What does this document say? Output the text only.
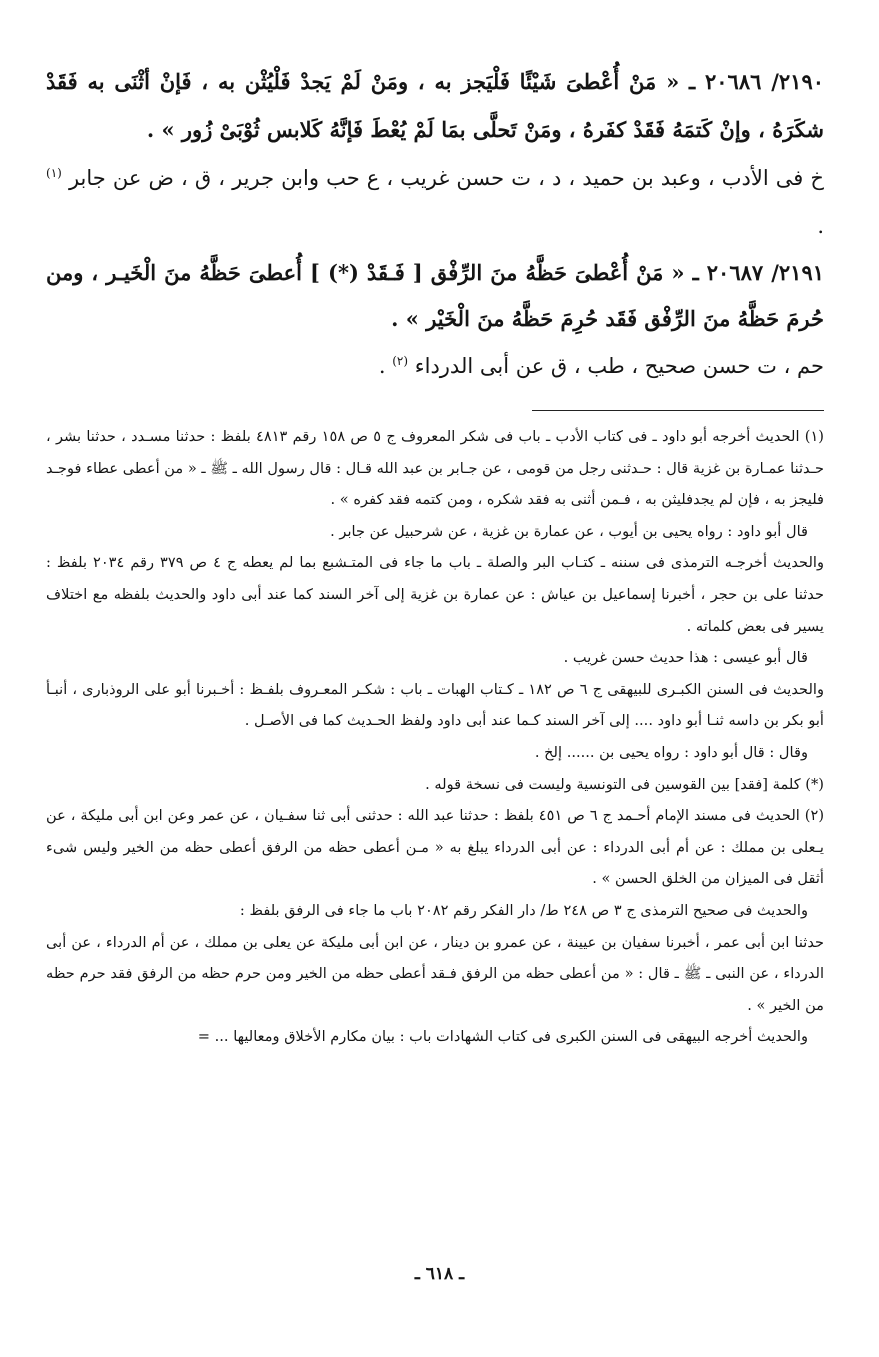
٢١٩٠/ ٢٠٦٨٦ ـ « مَنْ أُعْطىَ شَيْئًا فَلْيَجز به ، ومَنْ لَمْ يَجدْ فَلْيُثْن به ، فَإنْ أثْنَى به فَقَدْ شكَرَهُ ، وإنْ كَتمَهُ فَقَدْ كفَرهُ ، ومَنْ تَحلَّى بمَا لَمْ يُعْطَ فَإنَّهُ كَلابس ثُوْبَىْ زُور » .

خ فى الأدب ، وعبد بن حميد ، د ، ت حسن غريب ، ع حب وابن جرير ، ق ، ض عن جابر $^{(١)}$ .

٢١٩١/ ٢٠٦٨٧ ـ « مَنْ أُعْطىَ حَظَّهُ منَ الرِّفْق [ فَـقَدْ (*) ] أُعطىَ حَظَّهُ منَ الْخَيـر ، ومن حُرمَ حَظَّهُ منَ الرِّفْق فَقَد حُرِمَ حَظَّهُ منَ الْخَيْر » .

حم ، ت حسن صحيح ، طب ، ق عن أبى الدرداء $^{(٢)}$ .

(١) الحديث أخرجه أبو داود ـ فى كتاب الأدب ـ باب فى شكر المعروف ج ٥ ص ١٥٨ رقم ٤٨١٣ بلفظ : حدثنا مسـدد ، حدثنا بشر ، حـدثنا عمـارة بن غزية قال : حـدثنى رجل من قومى ، عن جـابر بن عبد الله قـال : قال رسول الله ـ ﷺ ـ « من أعطى عطاء فوجـد فليجز به ، فإن لم يجدفليثن به ، فـمن أثنى به فقد شكره ، ومن كتمه فقد كفره » .

قال أبو داود : رواه يحيى بن أيوب ، عن عمارة بن غزية ، عن شرحبيل عن جابر .

والحديث أخرجـه الترمذى فى سننه ـ كتـاب البر والصلة ـ باب ما جاء فى المتـشبع بما لم يعطه ج ٤ ص ٣٧٩ رقم ٢٠٣٤ بلفظ : حدثنا على بن حجر ، أخبرنا إسماعيل بن عياش : عن عمارة بن غزية إلى آخر السند كما عند أبى داود والحديث بلفظه مع اختلاف يسير فى بعض كلماته .

قال أبو عيسى : هذا حديث حسن غريب .

والحديث فى السنن الكبـرى للبيهقى ج ٦ ص ١٨٢ ـ كـتاب الهبات ـ باب : شكـر المعـروف بلفـظ : أخـبرنا أبو على الروذبارى ، أنبـأ أبو بكر بن داسه ثنـا أبو داود .... إلى آخر السند كـما عند أبى داود ولفظ الحـديث كما فى الأصـل .

وقال : قال أبو داود : رواه يحيى بن ...... إلخ .

(*) كلمة [فقد] بين القوسين فى التونسية وليست فى نسخة قوله .

(٢) الحديث فى مسند الإمام أحـمد ج ٦ ص ٤٥١ بلفظ : حدثنا عبد الله : حدثنى أبى ثنا سفـيان ، عن عمر وعن ابن أبى مليكة ، عن يـعلى بن مملك : عن أم أبى الدرداء : عن أبى الدرداء يبلغ به « مـن أعطى حظه من الرفق أعطى حظه من الخير وليس شىء أثقل فى الميزان من الخلق الحسن » .

والحديث فى صحيح الترمذى ج ٣ ص ٢٤٨ ط/ دار الفكر رقم ٢٠٨٢ باب ما جاء فى الرفق بلفظ :

حدثنا ابن أبى عمر ، أخبرنا سفيان بن عيينة ، عن عمرو بن دينار ، عن ابن أبى مليكة عن يعلى بن مملك ، عن أم الدرداء ، عن أبى الدرداء ، عن النبى ـ ﷺ ـ قال : « من أعطى حظه من الرفق فـقد أعطى حظه من الخير ومن حرم حظه من الرفق فقد حرم حظه من الخير » .

والحديث أخرجه البيهقى فى السنن الكبرى فى كتاب الشهادات باب : بيان مكارم الأخلاق ومعاليها ... =

ـ ٦١٨ ـ
